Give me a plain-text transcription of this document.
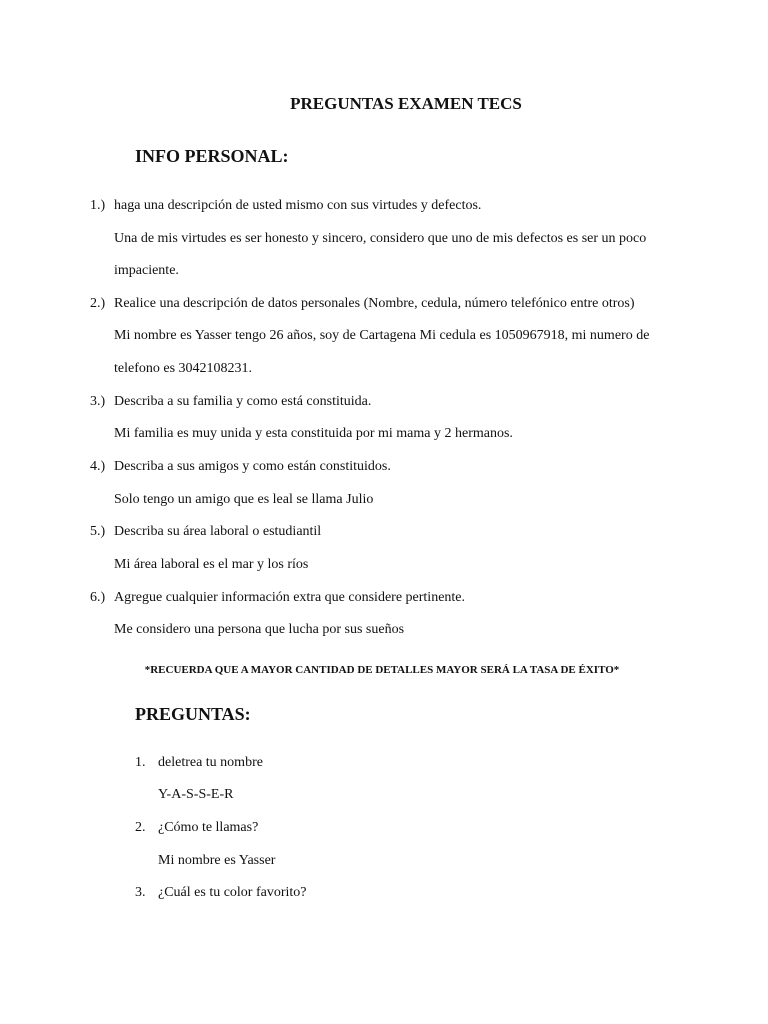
PREGUNTAS EXAMEN TECS
INFO PERSONAL:
1.) haga una descripción de usted mismo con sus virtudes y defectos.
Una de mis virtudes es ser honesto y sincero, considero que uno de mis defectos es ser un poco
impaciente.
2.) Realice una descripción de datos personales (Nombre, cedula, número telefónico entre otros)
Mi nombre es Yasser tengo 26 años, soy de Cartagena Mi cedula es 1050967918, mi numero de
telefono es 3042108231.
3.) Describa a su familia y como está constituida.
Mi familia es muy unida y esta constituida por mi mama y 2 hermanos.
4.) Describa a sus amigos y como están constituidos.
Solo tengo un amigo que es leal se llama Julio
5.) Describa su área laboral o estudiantil
Mi área laboral es el mar y los ríos
6.) Agregue cualquier información extra que considere pertinente.
Me considero una persona que lucha por sus sueños
*RECUERDA QUE A MAYOR CANTIDAD DE DETALLES MAYOR SERÁ LA TASA DE ÉXITO*
PREGUNTAS:
1. deletrea tu nombre
Y-A-S-S-E-R
2. ¿Cómo te llamas?
Mi nombre es Yasser
3. ¿Cuál es tu color favorito?
